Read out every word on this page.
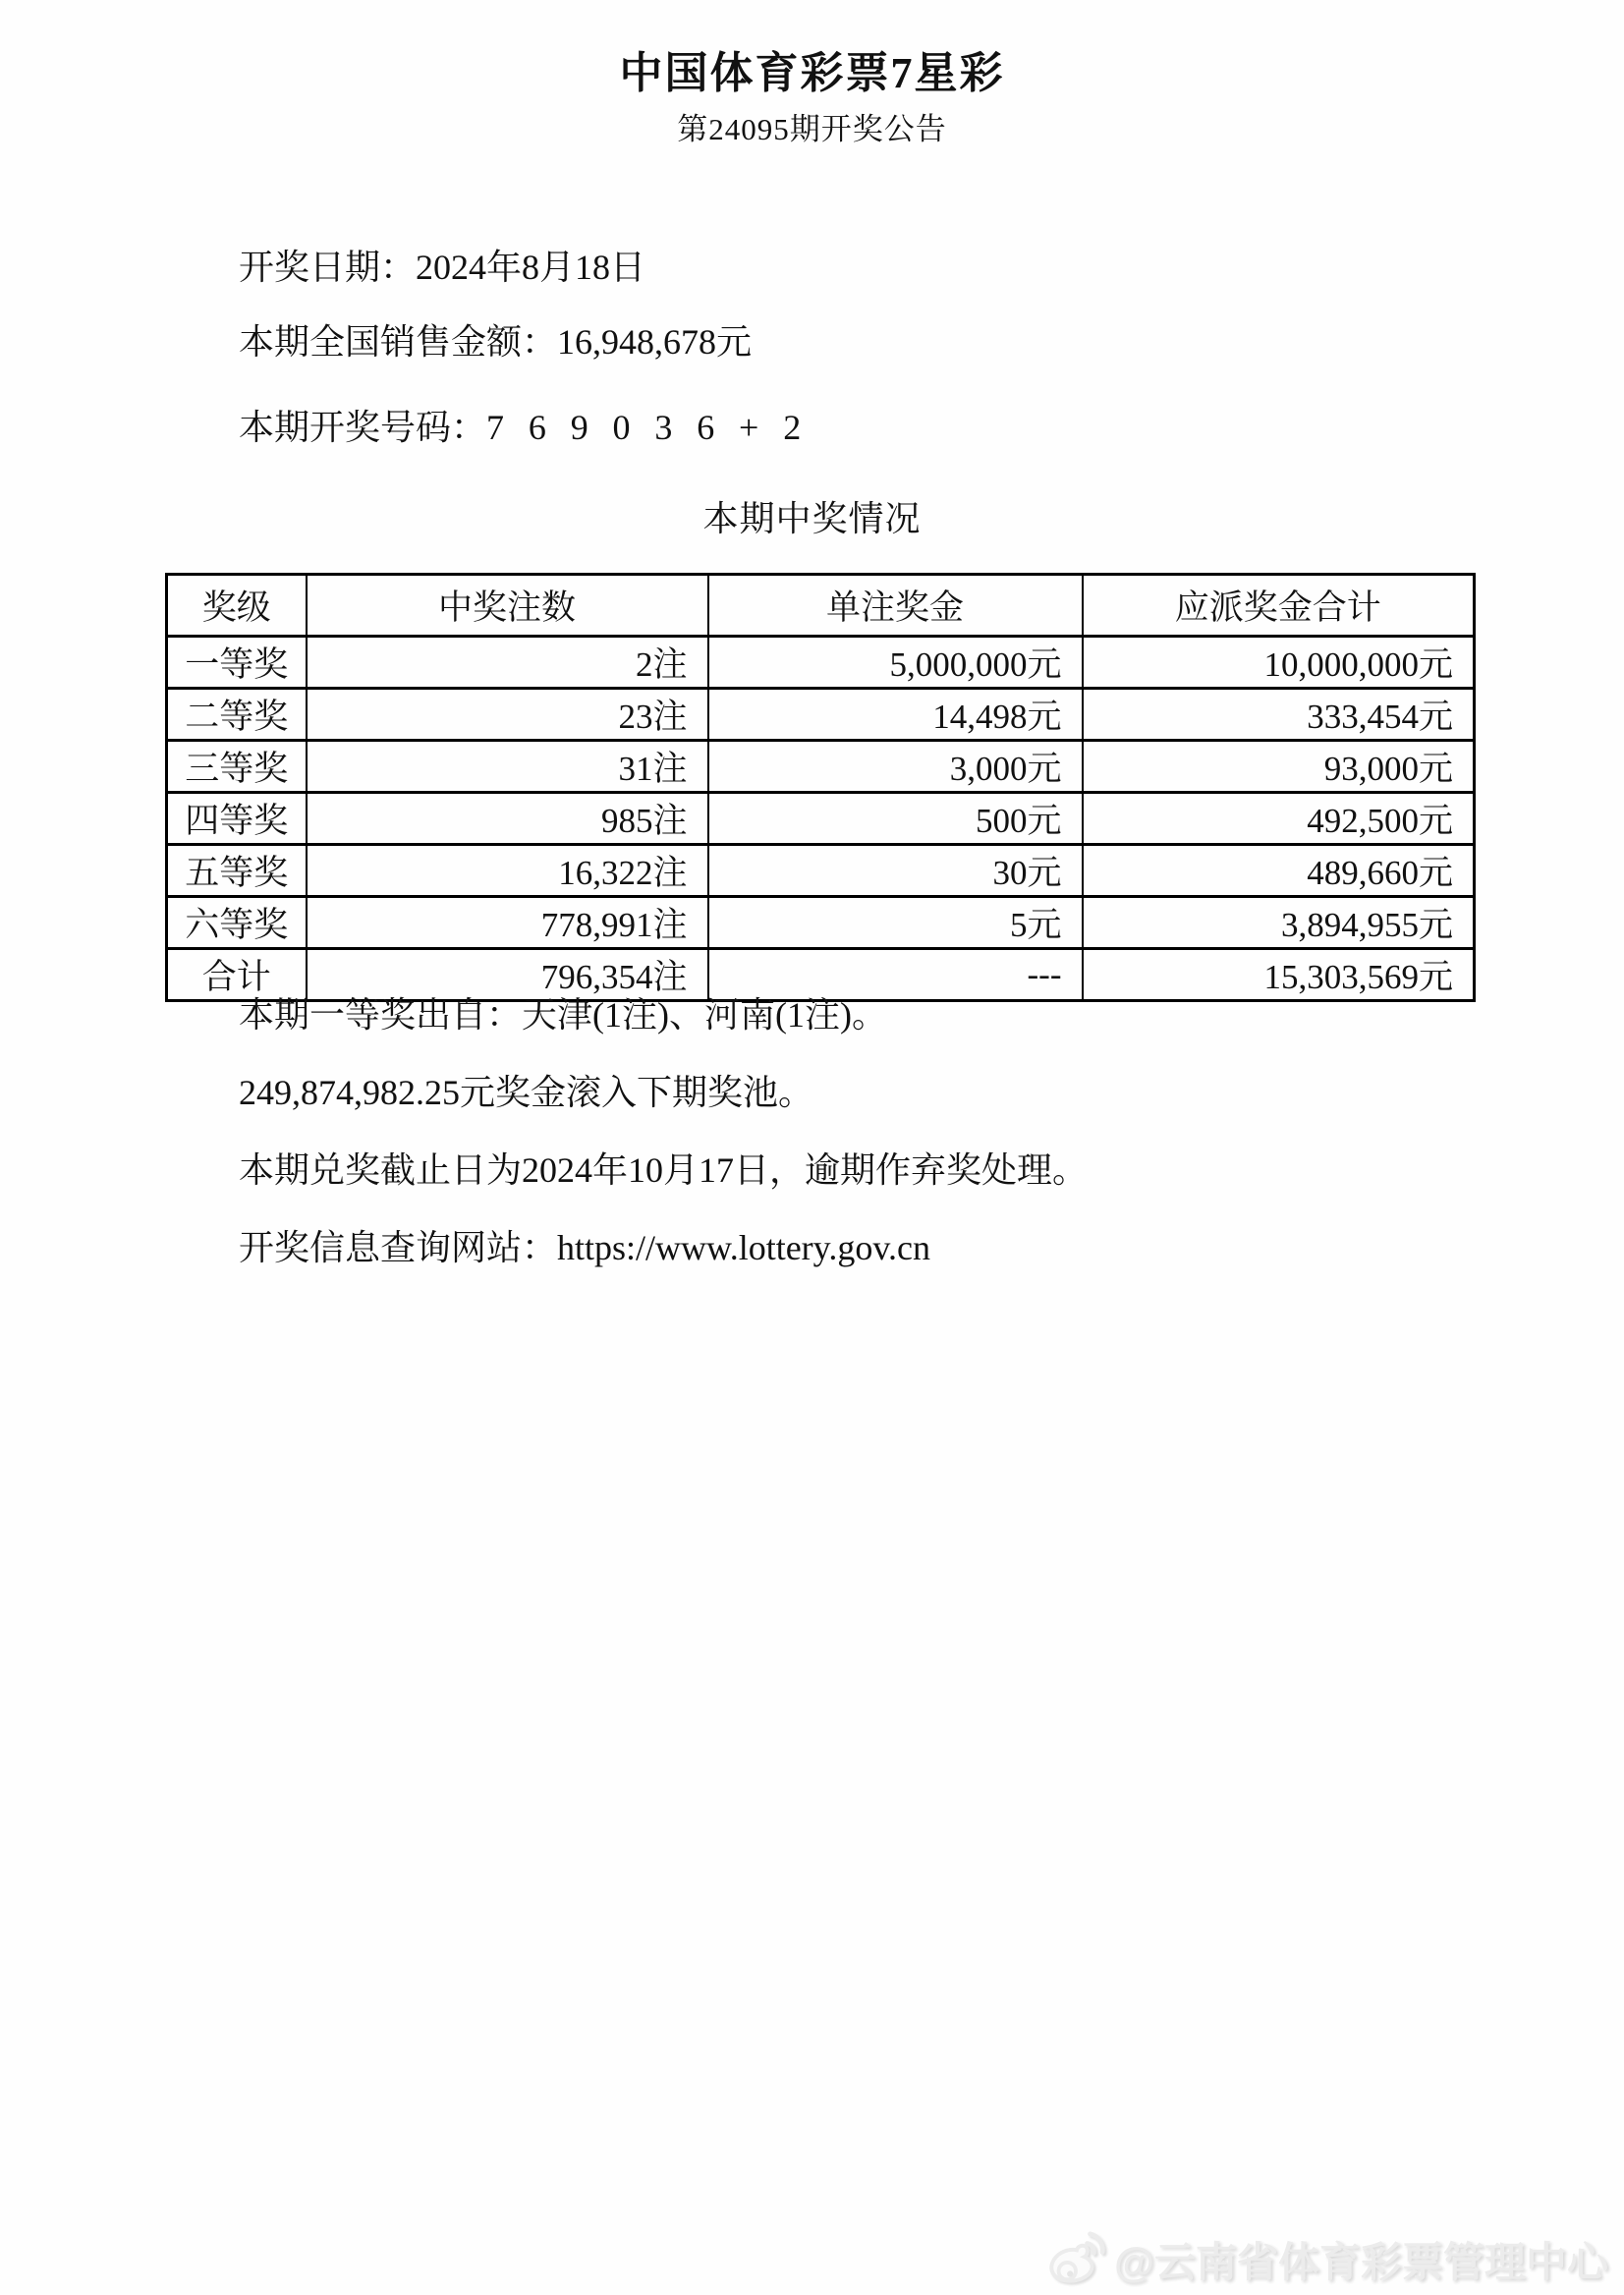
中国体育彩票7星彩
第24095期开奖公告
开奖日期：2024年8月18日
本期全国销售金额：16,948,678元
本期开奖号码：7 6 9 0 3 6 + 2
本期中奖情况
奖级	中奖注数	单注奖金	应派奖金合计
一等奖	2注	5,000,000元	10,000,000元
二等奖	23注	14,498元	333,454元
三等奖	31注	3,000元	93,000元
四等奖	985注	500元	492,500元
五等奖	16,322注	30元	489,660元
六等奖	778,991注	5元	3,894,955元
合计	796,354注	---	15,303,569元

本期一等奖出自：天津(1注)、河南(1注)。

249,874,982.25元奖金滚入下期奖池。

本期兑奖截止日为2024年10月17日，逾期作弃奖处理。

开奖信息查询网站：https://www.lottery.gov.cn

@云南省体育彩票管理中心
